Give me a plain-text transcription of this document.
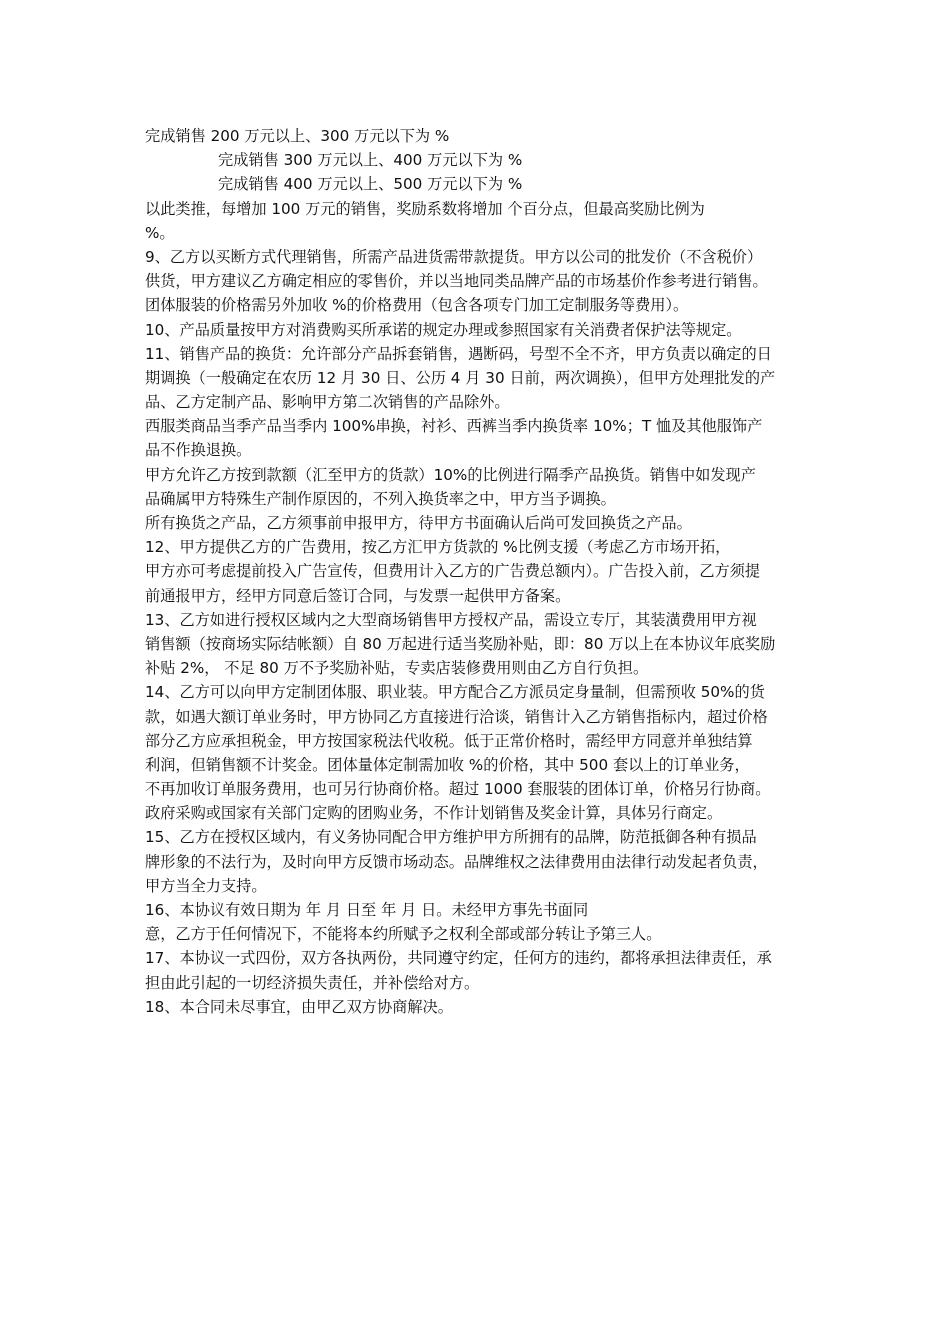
完成销售 200 万元以上、300 万元以下为 %
完成销售 300 万元以上、400 万元以下为 %
完成销售 400 万元以上、500 万元以下为 %
以此类推，每增加 100 万元的销售，奖励系数将增加 个百分点，但最高奖励比例为
%。
9、乙方以买断方式代理销售，所需产品进货需带款提货。甲方以公司的批发价（不含税价）
供货，甲方建议乙方确定相应的零售价，并以当地同类品牌产品的市场基价作参考进行销售。
团体服装的价格需另外加收 %的价格费用（包含各项专门加工定制服务等费用）。
10、产品质量按甲方对消费购买所承诺的规定办理或参照国家有关消费者保护法等规定。
11、销售产品的换货：允许部分产品拆套销售，遇断码，号型不全不齐，甲方负责以确定的日
期调换（一般确定在农历 12 月 30 日、公历 4 月 30 日前，两次调换），但甲方处理批发的产
品、乙方定制产品、影响甲方第二次销售的产品除外。
西服类商品当季产品当季内 100%串换，衬衫、西裤当季内换货率 10%；T 恤及其他服饰产
品不作换退换。
甲方允许乙方按到款额（汇至甲方的货款）10%的比例进行隔季产品换货。销售中如发现产
品确属甲方特殊生产制作原因的，不列入换货率之中，甲方当予调换。
所有换货之产品，乙方须事前申报甲方，待甲方书面确认后尚可发回换货之产品。
12、甲方提供乙方的广告费用，按乙方汇甲方货款的 %比例支援（考虑乙方市场开拓，
甲方亦可考虑提前投入广告宣传，但费用计入乙方的广告费总额内）。广告投入前，乙方须提
前通报甲方，经甲方同意后签订合同，与发票一起供甲方备案。
13、乙方如进行授权区域内之大型商场销售甲方授权产品，需设立专厅，其装潢费用甲方视
销售额（按商场实际结帐额）自 80 万起进行适当奖励补贴，即：80 万以上在本协议年底奖励
补贴 2%， 不足 80 万不予奖励补贴，专卖店装修费用则由乙方自行负担。
14、乙方可以向甲方定制团体服、职业装。甲方配合乙方派员定身量制，但需预收 50%的货
款，如遇大额订单业务时，甲方协同乙方直接进行洽谈，销售计入乙方销售指标内，超过价格
部分乙方应承担税金，甲方按国家税法代收税。低于正常价格时，需经甲方同意并单独结算
利润，但销售额不计奖金。团体量体定制需加收 %的价格，其中 500 套以上的订单业务，
不再加收订单服务费用，也可另行协商价格。超过 1000 套服装的团体订单，价格另行协商。
政府采购或国家有关部门定购的团购业务，不作计划销售及奖金计算，具体另行商定。
15、乙方在授权区域内，有义务协同配合甲方维护甲方所拥有的品牌，防范抵御各种有损品
牌形象的不法行为，及时向甲方反馈市场动态。品牌维权之法律费用由法律行动发起者负责，
甲方当全力支持。
16、本协议有效日期为 年 月 日至 年 月 日。未经甲方事先书面同
意，乙方于任何情况下，不能将本约所赋予之权利全部或部分转让予第三人。
17、本协议一式四份，双方各执两份，共同遵守约定，任何方的违约，都将承担法律责任，承
担由此引起的一切经济损失责任，并补偿给对方。
18、本合同未尽事宜，由甲乙双方协商解决。
